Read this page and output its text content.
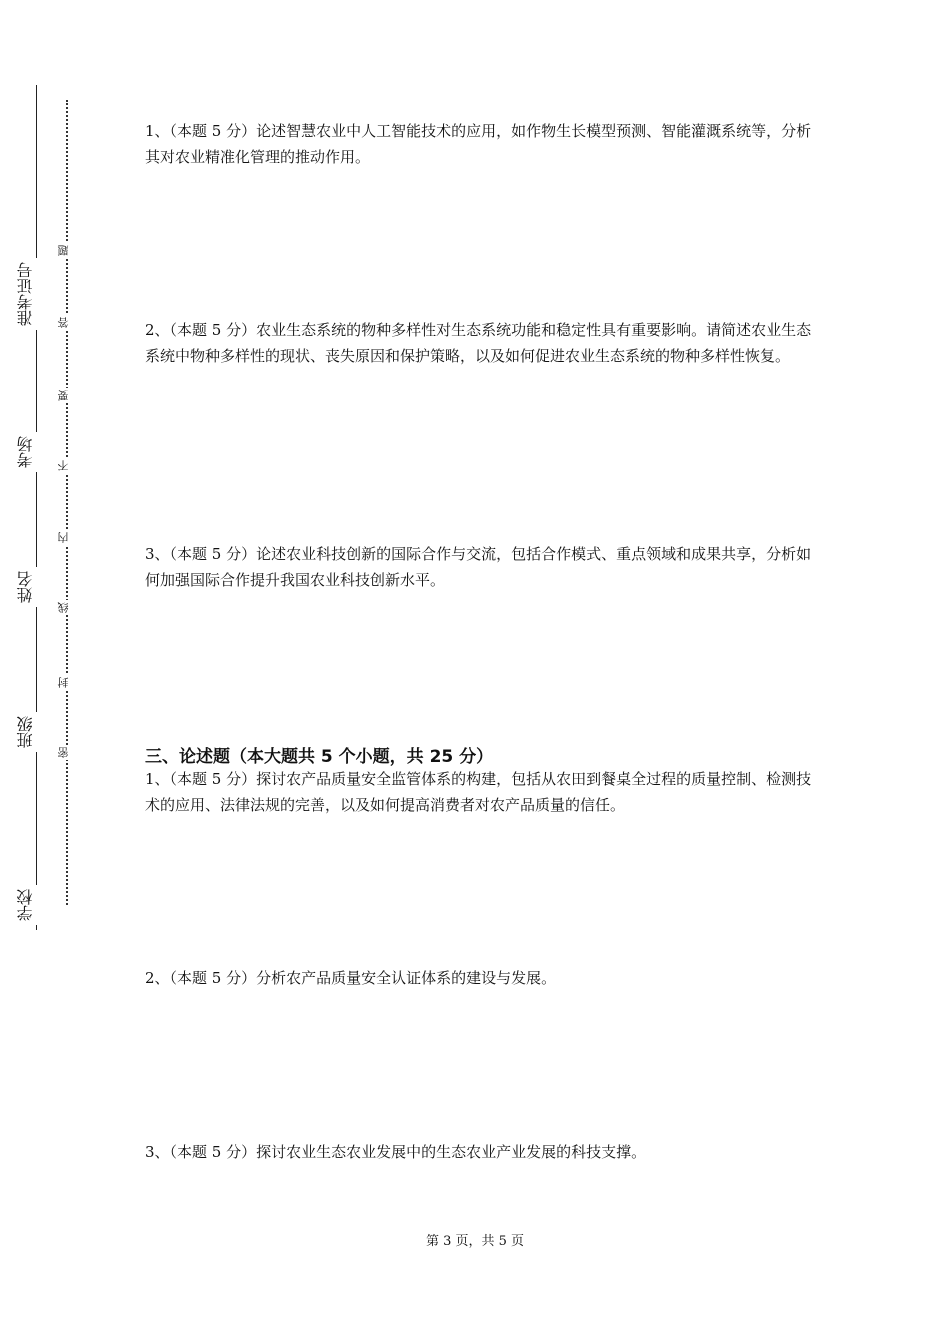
学校
班级
姓名
考场
准考证号
密
封
线
内
不
要
答
题

1、（本题 5 分）论述智慧农业中人工智能技术的应用，如作物生长模型预测、智能灌溉系统等，分析其对农业精准化管理的推动作用。

2、（本题 5 分）农业生态系统的物种多样性对生态系统功能和稳定性具有重要影响。请简述农业生态系统中物种多样性的现状、丧失原因和保护策略，以及如何促进农业生态系统的物种多样性恢复。

3、（本题 5 分）论述农业科技创新的国际合作与交流，包括合作模式、重点领域和成果共享，分析如何加强国际合作提升我国农业科技创新水平。

三、论述题（本大题共 5 个小题，共 25 分）

1、（本题 5 分）探讨农产品质量安全监管体系的构建，包括从农田到餐桌全过程的质量控制、检测技术的应用、法律法规的完善，以及如何提高消费者对农产品质量的信任。

2、（本题 5 分）分析农产品质量安全认证体系的建设与发展。

3、（本题 5 分）探讨农业生态农业发展中的生态农业产业发展的科技支撑。

第 3 页，共 5 页
